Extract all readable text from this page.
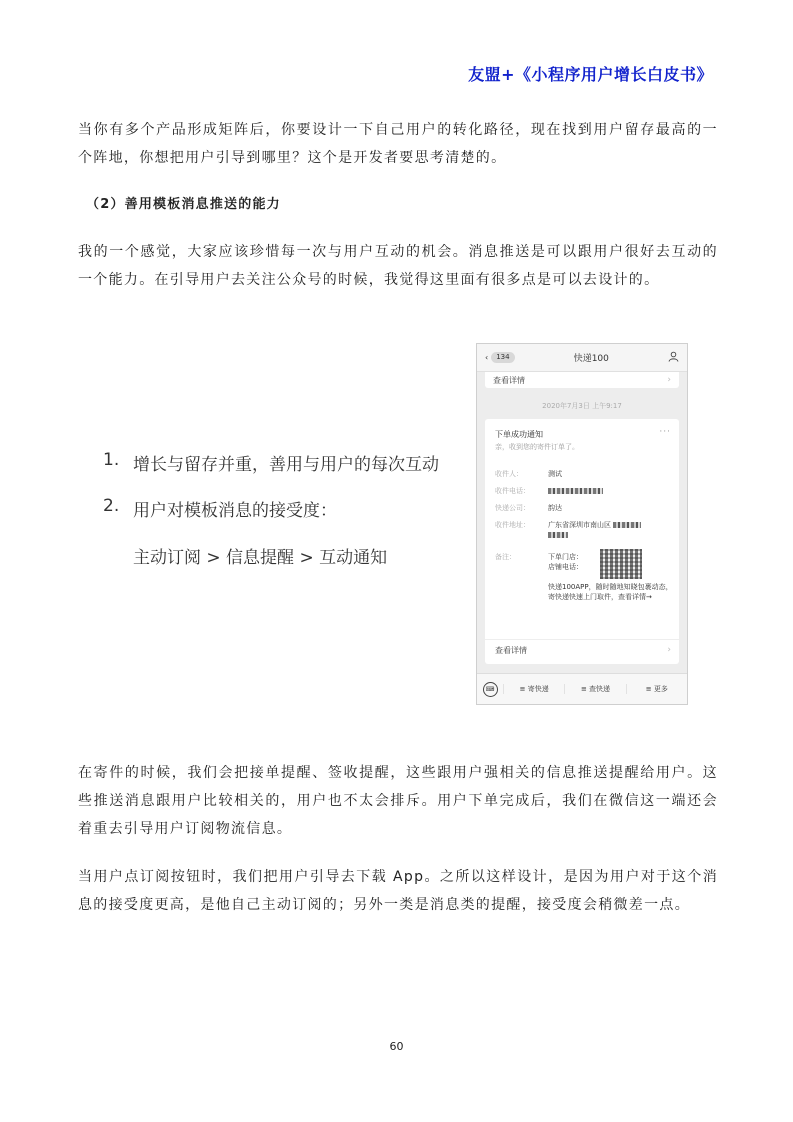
友盟+《小程序用户增长白皮书》

当你有多个产品形成矩阵后，你要设计一下自己用户的转化路径，现在找到用户留存最高的一个阵地，你想把用户引导到哪里？这个是开发者要思考清楚的。

（2）善用模板消息推送的能力

我的一个感觉，大家应该珍惜每一次与用户互动的机会。消息推送是可以跟用户很好去互动的一个能力。在引导用户去关注公众号的时候，我觉得这里面有很多点是可以去设计的。

1. 增长与留存并重，善用与用户的每次互动
2. 用户对模板消息的接受度：
主动订阅 > 信息提醒 > 互动通知
‹	134	快递100
查看详情	›
2020年7月3日 上午9:17
下单成功通知	···
亲，收到您的寄件订单了。
收件人：	测试
收件电话：
快递公司：	韵达
收件地址：	广东省深圳市南山区

备注：	下单门店：
店铺电话：
快递100APP，随时随地知晓包裹动态，寄快递快速上门取件，查看详情→
查看详情	›
⌨	≡ 寄快递	≡ 查快递	≡ 更多

在寄件的时候，我们会把接单提醒、签收提醒，这些跟用户强相关的信息推送提醒给用户。这些推送消息跟用户比较相关的，用户也不太会排斥。用户下单完成后，我们在微信这一端还会着重去引导用户订阅物流信息。

当用户点订阅按钮时，我们把用户引导去下载 App。之所以这样设计，是因为用户对于这个消息的接受度更高，是他自己主动订阅的；另外一类是消息类的提醒，接受度会稍微差一点。

60
